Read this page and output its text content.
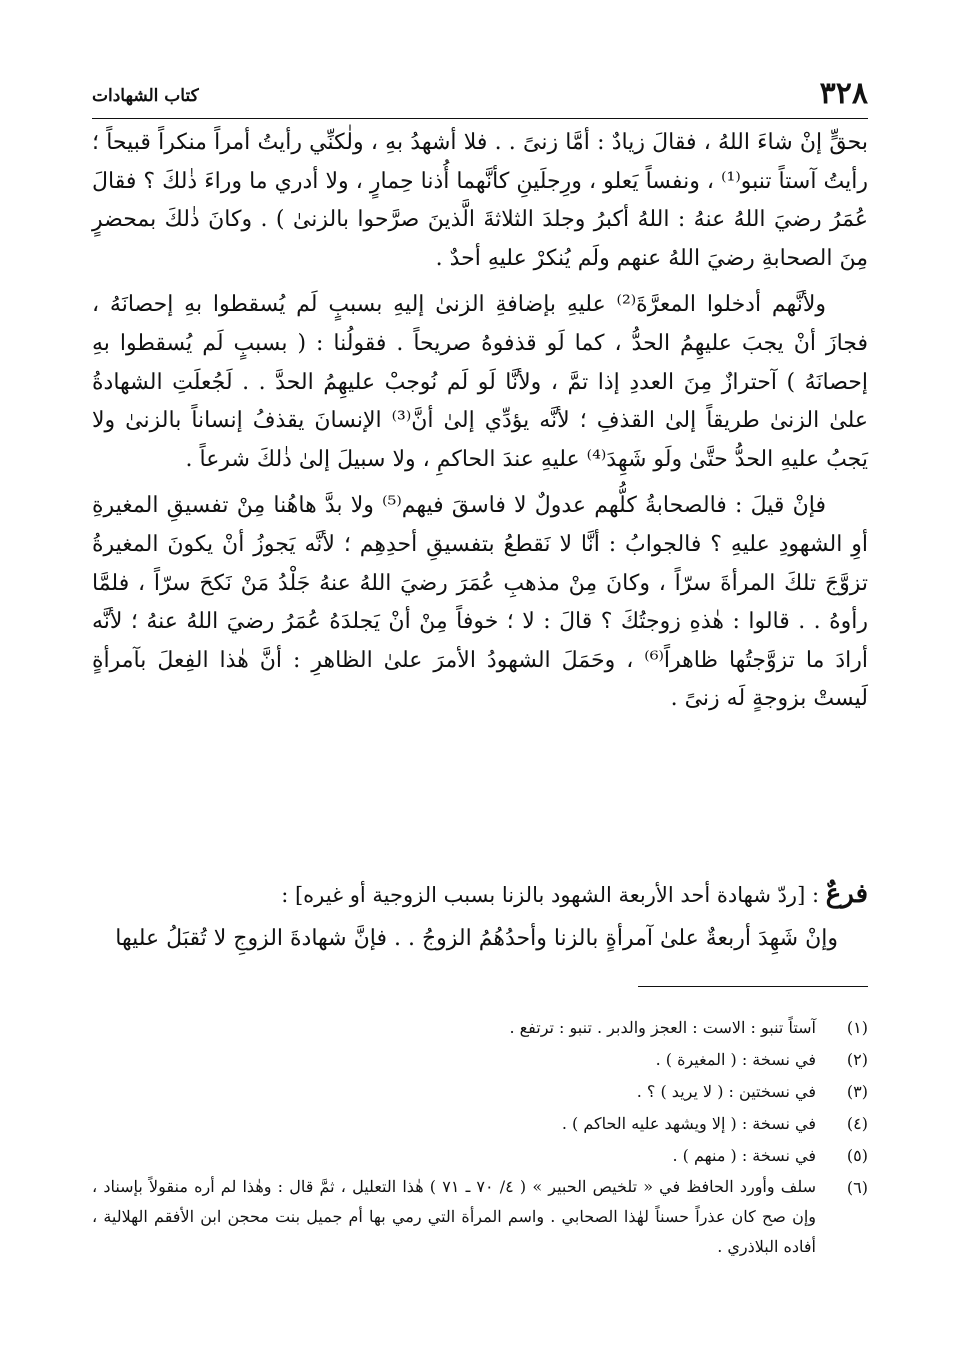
٣٢٨
كتاب الشهادات

بحقٍّ إنْ شاءَ اللهُ ، فقالَ زيادٌ : أمَّا زنىً . . فلا أشهدُ بهِ ، ولٰكنِّي رأيتُ أمراً منكراً قبيحاً ؛ رأيتُ آستاً تنبو⁽¹⁾ ، ونفساً يَعلو ، ورِجلَينِ كأنَّهما أُذنا حِمارٍ ، ولا أدري ما وراءَ ذٰلكَ ؟ فقالَ عُمَرُ رضيَ اللهُ عنهُ : اللهُ أكبرُ وجلدَ الثلاثةَ الَّذينَ صرَّحوا بالزنىٰ ) . وكانَ ذٰلكَ بمحضرٍ مِنَ الصحابةِ رضيَ اللهُ عنهم ولَم يُنكرْ عليهِ أحدٌ .

ولأنَّهم أدخلوا المعرَّةَ⁽²⁾ عليهِ بإضافةِ الزنىٰ إليهِ بسببٍ لَم يُسقطوا بهِ إحصانَهُ ، فجازَ أنْ يجبَ عليهِمُ الحدُّ ، كما لَو قذفوهُ صريحاً . فقولُنا : ( بسببٍ لَم يُسقطوا بهِ إحصانَهُ ) آحترازٌ مِنَ العددِ إذا تمَّ ، ولأنَّا لَو لَم نُوجبْ عليهِمُ الحدَّ . . لَجُعلَتِ الشهادةُ علىٰ الزنىٰ طريقاً إلىٰ القذفِ ؛ لأنَّه يؤدِّي إلىٰ أنَّ⁽³⁾ الإنسانَ يقذفُ إنساناً بالزنىٰ ولا يَجبُ عليهِ الحدُّ حتَّىٰ ولَو شَهِدَ⁽⁴⁾ عليهِ عندَ الحاكمِ ، ولا سبيلَ إلىٰ ذٰلكَ شرعاً .

فإنْ قيلَ : فالصحابةُ كلُّهم عدولٌ لا فاسقَ فيهم⁽⁵⁾ ولا بدَّ هاهُنا مِنْ تفسيقِ المغيرةِ أوِ الشهودِ عليهِ ؟ فالجوابُ : أنَّا لا نَقطعُ بتفسيقِ أحدِهِم ؛ لأنَّه يَجوزُ أنْ يكونَ المغيرةُ تزوَّجَ تلكَ المرأةَ سرّاً ، وكانَ مِنْ مذهبِ عُمَرَ رضيَ اللهُ عنهُ جَلْدُ مَنْ نَكحَ سرّاً ، فلمَّا رأوهُ . . قالوا : هٰذهِ زوجتُكَ ؟ قالَ : لا ؛ خوفاً مِنْ أنْ يَجلدَهُ عُمَرُ رضيَ اللهُ عنهُ ؛ لأنَّه أرادَ ما تزوَّجتُها ظاهراً⁽⁶⁾ ، وحَمَلَ الشهودُ الأمرَ علىٰ الظاهرِ : أنَّ هٰذا الفِعلَ بآمرأةٍ لَيستْ بزوجةٍ لَه زنىً .

فرعٌ : [ردّ شهادة أحد الأربعة الشهود بالزنا بسبب الزوجية أو غيره] :

وإنْ شَهِدَ أربعةٌ علىٰ آمرأةٍ بالزنا وأحدُهُمُ الزوجُ . . فإنَّ شهادةَ الزوجِ لا تُقبَلُ عليها

(١)
آستاً تنبو : الاست : العجز والدبر . تنبو : ترتفع .
(٢)
في نسخة : ( المغيرة ) .
(٣)
في نسختين : ( لا يريد ) ؟ .
(٤)
في نسخة : ( إلا ويشهد عليه الحاكم ) .
(٥)
في نسخة : ( منهم ) .
(٦)
سلف وأورد الحافظ في « تلخيص الحبير » ( ٤/ ٧٠ ـ ٧١ ) هٰذا التعليل ، ثمَّ قال : وهٰذا لم أره منقولاً بإسناد ، وإن صح كان عذراً حسناً لهٰذا الصحابي . واسم المرأة التي رمي بها أم جميل بنت محجن ابن الأفقم الهلالية ، أفاده البلاذري .
